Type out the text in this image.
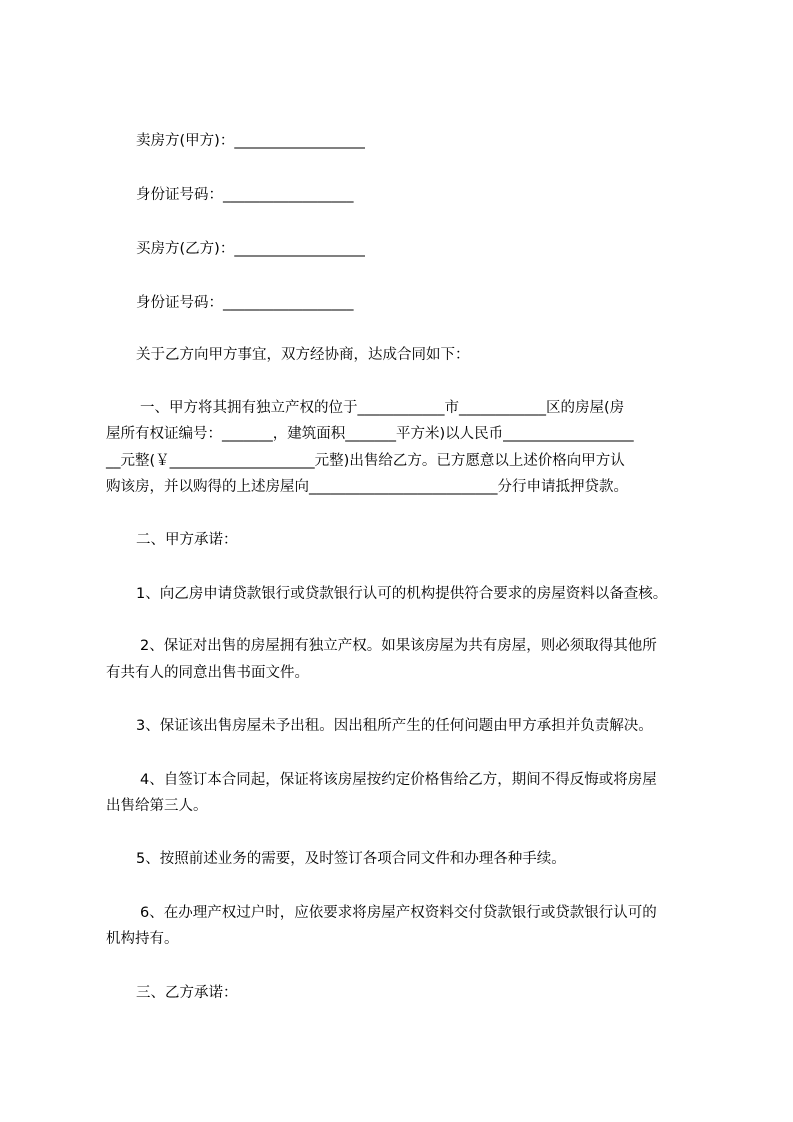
卖房方(甲方)：__________________
身份证号码：__________________
买房方(乙方)：__________________
身份证号码：__________________
关于乙方向甲方事宜，双方经协商，达成合同如下：
一、甲方将其拥有独立产权的位于____________市____________区的房屋(房
屋所有权证编号：_______，建筑面积_______平方米)以人民币__________________
__元整(￥____________________元整)出售给乙方。已方愿意以上述价格向甲方认
购该房，并以购得的上述房屋向__________________________分行申请抵押贷款。
二、甲方承诺：
1、向乙房申请贷款银行或贷款银行认可的机构提供符合要求的房屋资料以备查核。
2、保证对出售的房屋拥有独立产权。如果该房屋为共有房屋，则必须取得其他所
有共有人的同意出售书面文件。
3、保证该出售房屋未予出租。因出租所产生的任何问题由甲方承担并负责解决。
4、自签订本合同起，保证将该房屋按约定价格售给乙方，期间不得反悔或将房屋
出售给第三人。
5、按照前述业务的需要，及时签订各项合同文件和办理各种手续。
6、在办理产权过户时，应依要求将房屋产权资料交付贷款银行或贷款银行认可的
机构持有。
三、乙方承诺：
